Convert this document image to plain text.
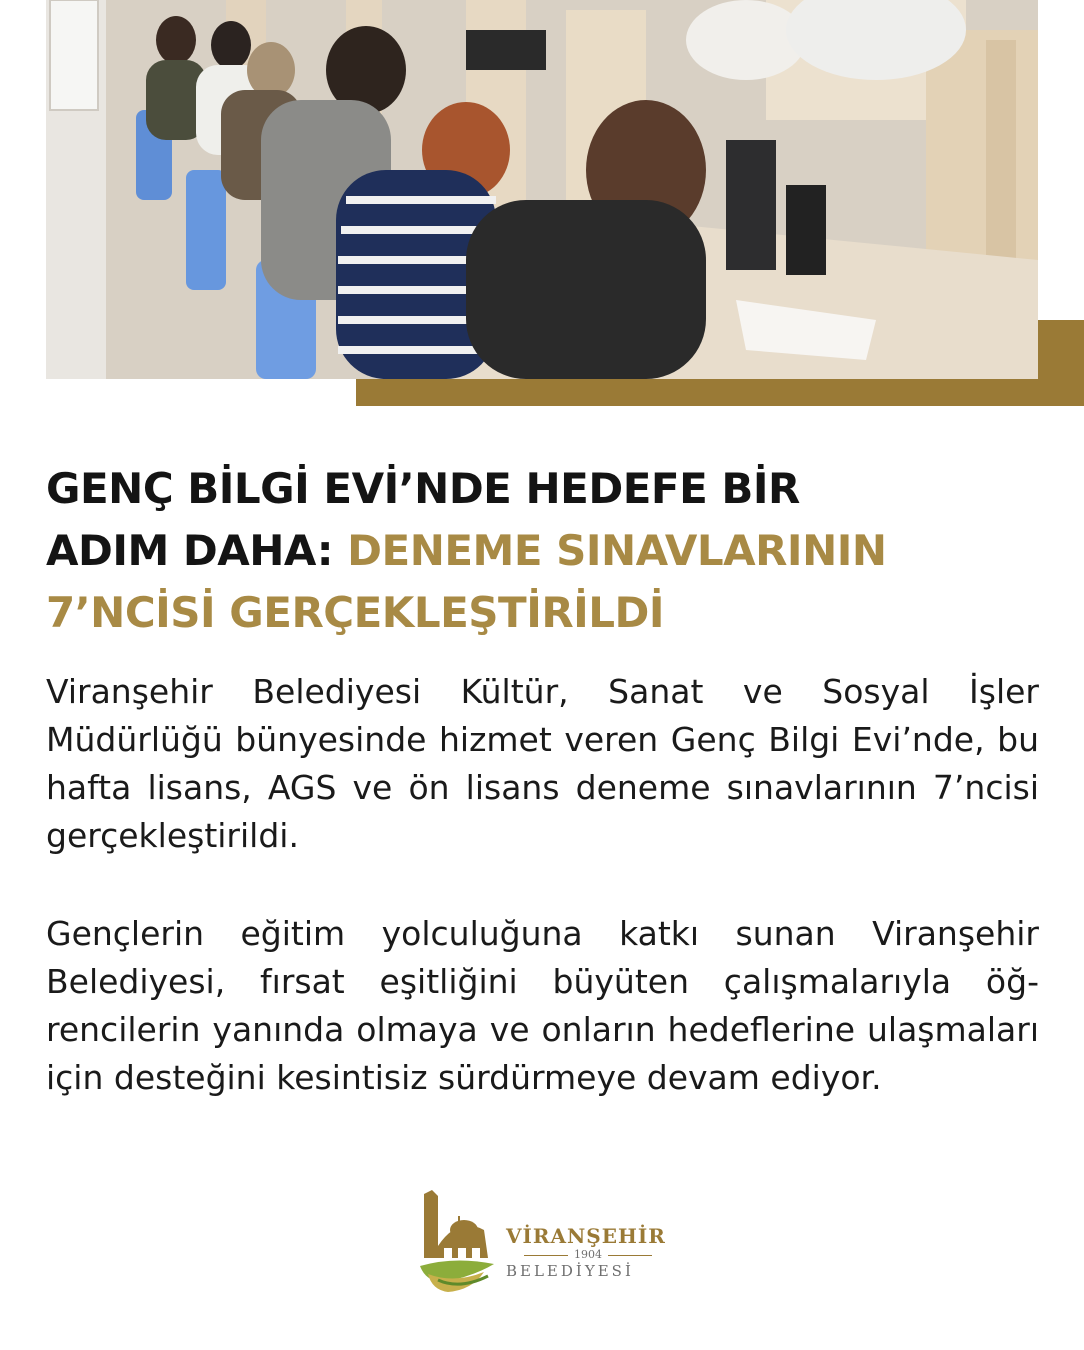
GENÇ BİLGİ EVİ’NDE HEDEFE BİR
ADIM DAHA: DENEME SINAVLARININ
7’NCİSİ GERÇEKLEŞTİRİLDİ
Viranşehir Belediyesi Kültür, Sanat ve Sosyal İşler Müdürlüğü bünyesinde hizmet veren Genç Bilgi Evi’nde, bu hafta lisans, AGS ve ön lisans deneme sınavlarının 7’ncisi gerçekleştirildi.
Gençlerin eğitim yolculuğuna katkı sunan Viranşehir Belediyesi, fırsat eşitliğini büyüten çalışmalarıyla öğrencilerin yanında olmaya ve onların hedeflerine ulaşmaları için desteğini kesintisiz sürdürmeye devam ediyor.
VİRANŞEHİR
1904
BELEDİYESİ
